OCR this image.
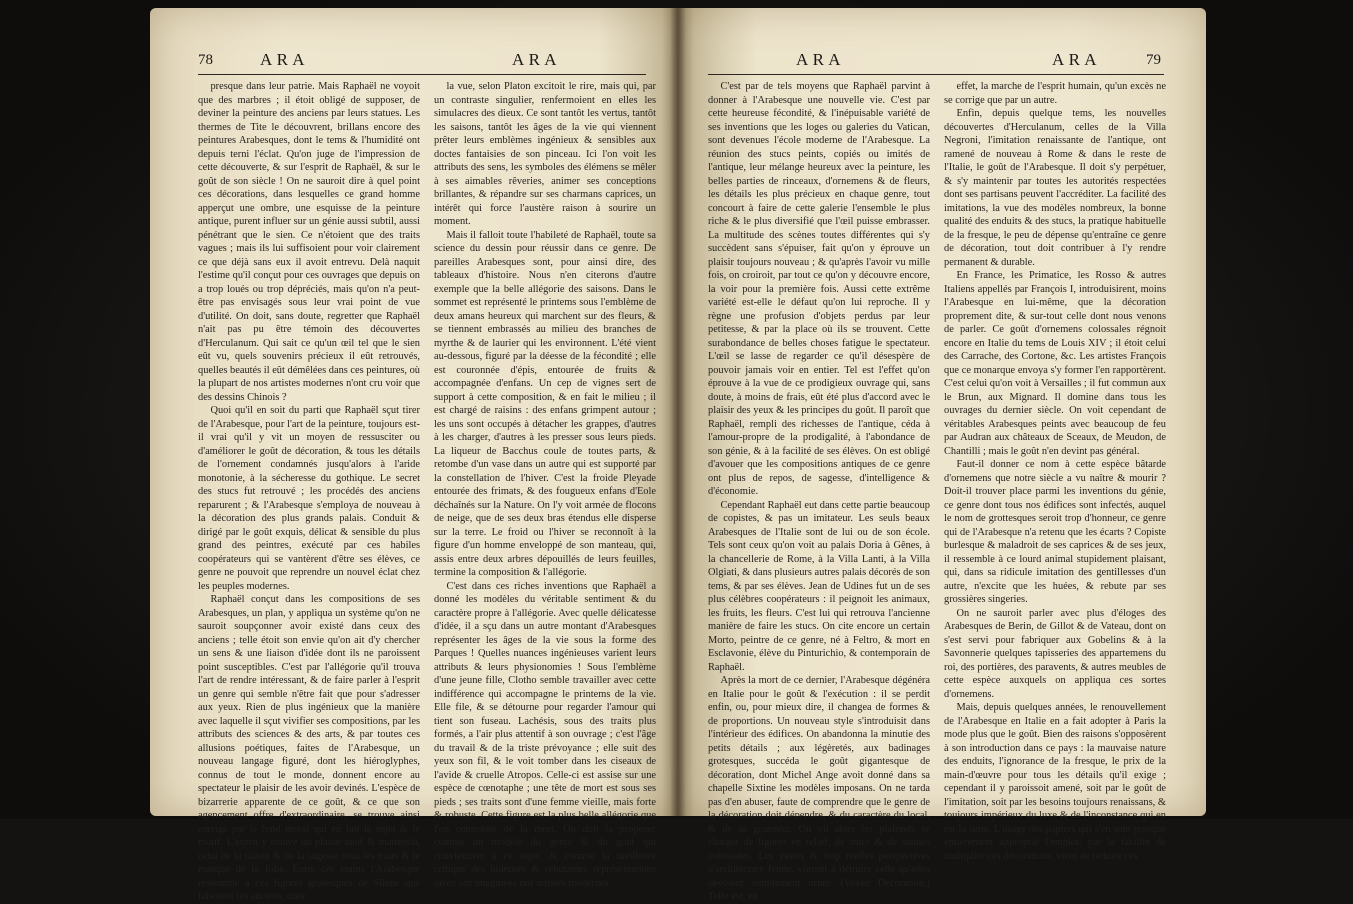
78	A R A	A R A

presque dans leur patrie. Mais Raphaël ne voyoit que des marbres ; il étoit obligé de supposer, de deviner la peinture des anciens par leurs statues. Les thermes de Tite le découvrent, brillans encore des peintures Arabesques, dont le tems & l'humidité ont depuis terni l'éclat. Qu'on juge de l'impression de cette découverte, & sur l'esprit de Raphaël, & sur le goût de son siècle ! On ne sauroit dire à quel point ces décorations, dans lesquelles ce grand homme apperçut une ombre, une esquisse de la peinture antique, purent influer sur un génie aussi subtil, aussi pénétrant que le sien. Ce n'étoient que des traits vagues ; mais ils lui suffisoient pour voir clairement ce que déjà sans eux il avoit entrevu. Delà naquit l'estime qu'il conçut pour ces ouvrages que depuis on a trop loués ou trop dépréciés, mais qu'on n'a peut-être pas envisagés sous leur vrai point de vue d'utilité. On doit, sans doute, regretter que Raphaël n'ait pas pu être témoin des découvertes d'Herculanum. Qui sait ce qu'un œil tel que le sien eût vu, quels souvenirs précieux il eût retrouvés, quelles beautés il eût démêlées dans ces peintures, où la plupart de nos artistes modernes n'ont cru voir que des dessins Chinois ?

Quoi qu'il en soit du parti que Raphaël sçut tirer de l'Arabesque, pour l'art de la peinture, toujours est-il vrai qu'il y vit un moyen de ressusciter ou d'améliorer le goût de décoration, & tous les détails de l'ornement condamnés jusqu'alors à l'aride monotonie, à la sécheresse du gothique. Le secret des stucs fut retrouvé ; les procédés des anciens reparurent ; & l'Arabesque s'employa de nouveau à la décoration des plus grands palais. Conduit & dirigé par le goût exquis, délicat & sensible du plus grand des peintres, exécuté par ces habiles coopérateurs qui se vantèrent d'être ses élèves, ce genre ne pouvoit que reprendre un nouvel éclat chez les peuples modernes.

Raphaël conçut dans les compositions de ses Arabesques, un plan, y appliqua un système qu'on ne sauroit soupçonner avoir existé dans ceux des anciens ; telle étoit son envie qu'on ait d'y chercher un sens & une liaison d'idée dont ils ne paroissent point susceptibles. C'est par l'allégorie qu'il trouva l'art de rendre intéressant, & de faire parler à l'esprit un genre qui semble n'être fait que pour s'adresser aux yeux. Rien de plus ingénieux que la manière avec laquelle il sçut vivifier ses compositions, par les attributs des sciences & des arts, & par toutes ces allusions poétiques, faites de l'Arabesque, un nouveau langage figuré, dont les hiéroglyphes, connus de tout le monde, donnent encore au spectateur le plaisir de les avoir devinés. L'espèce de bizarrerie apparente de ce goût, & ce que son agencement offre d'extraordinaire, se trouve ainsi corrigé par le fond moral qui en fait le sujet & le motif. L'esprit y trouve un plaisir neuf & inattendu, celui de la raison & de la sagesse sous les traits & le masque de la folie. Entre ces mains l'Arabesque ressemble à ces figures grotesques de Silène que faisoient les anciens, dont

la vue, selon Platon excitoit le rire, mais qui, par un contraste singulier, renfermoient en elles les simulacres des dieux. Ce sont tantôt les vertus, tantôt les saisons, tantôt les âges de la vie qui viennent prêter leurs emblèmes ingénieux & sensibles aux doctes fantaisies de son pinceau. Ici l'on voit les attributs des sens, les symboles des élémens se mêler à ses aimables rêveries, animer ses conceptions brillantes, & répandre sur ses charmans caprices, un intérêt qui force l'austère raison à sourire un moment.

Mais il falloit toute l'habileté de Raphaël, toute sa science du dessin pour réussir dans ce genre. De pareilles Arabesques sont, pour ainsi dire, des tableaux d'histoire. Nous n'en citerons d'autre exemple que la belle allégorie des saisons. Dans le sommet est représenté le printems sous l'emblème de deux amans heureux qui marchent sur des fleurs, & se tiennent embrassés au milieu des branches de myrthe & de laurier qui les environnent. L'été vient au-dessous, figuré par la déesse de la fécondité ; elle est couronnée d'épis, entourée de fruits & accompagnée d'enfans. Un cep de vignes sert de support à cette composition, & en fait le milieu ; il est chargé de raisins : des enfans grimpent autour ; les uns sont occupés à détacher les grappes, d'autres à les charger, d'autres à les presser sous leurs pieds. La liqueur de Bacchus coule de toutes parts, & retombe d'un vase dans un autre qui est supporté par la constellation de l'hiver. C'est la froide Pleyade entourée des frimats, & des fougueux enfans d'Eole déchaînés sur la Nature. On l'y voit armée de flocons de neige, que de ses deux bras étendus elle disperse sur la terre. Le froid ou l'hiver se reconnoît à la figure d'un homme enveloppé de son manteau, qui, assis entre deux arbres dépouillés de leurs feuilles, termine la composition & l'allégorie.

C'est dans ces riches inventions que Raphaël a donné les modèles du véritable sentiment & du caractère propre à l'allégorie. Avec quelle délicatesse d'idée, il a sçu dans un autre montant d'Arabesques représenter les âges de la vie sous la forme des Parques ! Quelles nuances ingénieuses varient leurs attributs & leurs physionomies ! Sous l'emblème d'une jeune fille, Clotho semble travailler avec cette indifférence qui accompagne le printems de la vie. Elle file, & se détourne pour regarder l'amour qui tient son fuseau. Lachésis, sous des traits plus formés, a l'air plus attentif à son ouvrage ; c'est l'âge du travail & de la triste prévoyance ; elle suit des yeux son fil, & le voit tomber dans les ciseaux de l'avide & cruelle Atropos. Celle-ci est assise sur une espèce de cœnotaphe ; une tête de mort est sous ses pieds ; ses traits sont d'une femme vieille, mais forte & robuste. Cette figure est la plus belle allégorie que l'on connoisse de la mort. On doit la proposer comme un modèle du genre & du goût qui conviennent à ce sujet, & comme la meilleure critique des hideuses & rebutantes représentations qu'en ont imaginées nos artistes modernes.

A R A	A R A	79

C'est par de tels moyens que Raphaël parvint à donner à l'Arabesque une nouvelle vie. C'est par cette heureuse fécondité, & l'inépuisable variété de ses inventions que les loges ou galeries du Vatican, sont devenues l'école moderne de l'Arabesque. La réunion des stucs peints, copiés ou imités de l'antique, leur mélange heureux avec la peinture, les belles parties de rinceaux, d'ornemens & de fleurs, les détails les plus précieux en chaque genre, tout concourt à faire de cette galerie l'ensemble le plus riche & le plus diversifié que l'œil puisse embrasser. La multitude des scènes toutes différentes qui s'y succèdent sans s'épuiser, fait qu'on y éprouve un plaisir toujours nouveau ; & qu'après l'avoir vu mille fois, on croiroit, par tout ce qu'on y découvre encore, la voir pour la première fois. Aussi cette extrême variété est-elle le défaut qu'on lui reproche. Il y règne une profusion d'objets perdus par leur petitesse, & par la place où ils se trouvent. Cette surabondance de belles choses fatigue le spectateur. L'œil se lasse de regarder ce qu'il désespère de pouvoir jamais voir en entier. Tel est l'effet qu'on éprouve à la vue de ce prodigieux ouvrage qui, sans doute, à moins de frais, eût été plus d'accord avec le plaisir des yeux & les principes du goût. Il paroît que Raphaël, rempli des richesses de l'antique, céda à l'amour-propre de la prodigalité, à l'abondance de son génie, & à la facilité de ses élèves. On est obligé d'avouer que les compositions antiques de ce genre ont plus de repos, de sagesse, d'intelligence & d'économie.

Cependant Raphaël eut dans cette partie beaucoup de copistes, & pas un imitateur. Les seuls beaux Arabesques de l'Italie sont de lui ou de son école. Tels sont ceux qu'on voit au palais Doria à Gênes, à la chancellerie de Rome, à la Villa Lanti, à la Villa Olgiati, & dans plusieurs autres palais décorés de son tems, & par ses élèves. Jean de Udines fut un de ses plus célèbres coopérateurs : il peignoit les animaux, les fruits, les fleurs. C'est lui qui retrouva l'ancienne manière de faire les stucs. On cite encore un certain Morto, peintre de ce genre, né à Feltro, & mort en Esclavonie, élève du Pinturichio, & contemporain de Raphaël.

Après la mort de ce dernier, l'Arabesque dégénéra en Italie pour le goût & l'exécution : il se perdit enfin, ou, pour mieux dire, il changea de formes & de proportions. Un nouveau style s'introduisit dans l'intérieur des édifices. On abandonna la minutie des petits détails ; aux légèretés, aux badinages grotesques, succéda le goût gigantesque de décoration, dont Michel Ange avoit donné dans sa chapelle Sixtine les modèles imposans. On ne tarda pas d'en abuser, faute de comprendre que le genre de la décoration doit dépendre, & du caractère du local, & de sa grandeur. On vit alors les plafonds se charger de figures en relief, de stucs & de statues colossales. Les vastes & trop réelles perspectives d'architecture feinte, vinrent à détruire celle qu'elles devoient simplement orner. (Voyez Décoration.) Telle est, en

effet, la marche de l'esprit humain, qu'un excès ne se corrige que par un autre.

Enfin, depuis quelque tems, les nouvelles découvertes d'Herculanum, celles de la Villa Negroni, l'imitation renaissante de l'antique, ont ramené de nouveau à Rome & dans le reste de l'Italie, le goût de l'Arabesque. Il doit s'y perpétuer, & s'y maintenir par toutes les autorités respectées dont ses partisans peuvent l'accréditer. La facilité des imitations, la vue des modèles nombreux, la bonne qualité des enduits & des stucs, la pratique habituelle de la fresque, le peu de dépense qu'entraîne ce genre de décoration, tout doit contribuer à l'y rendre permanent & durable.

En France, les Primatice, les Rosso & autres Italiens appellés par François I, introduisirent, moins l'Arabesque en lui-même, que la décoration proprement dite, & sur-tout celle dont nous venons de parler. Ce goût d'ornemens colossales régnoit encore en Italie du tems de Louis XIV ; il étoit celui des Carrache, des Cortone, &c. Les artistes François que ce monarque envoya s'y former l'en rapportèrent. C'est celui qu'on voit à Versailles ; il fut commun aux le Brun, aux Mignard. Il domine dans tous les ouvrages du dernier siècle. On voit cependant de véritables Arabesques peints avec beaucoup de feu par Audran aux châteaux de Sceaux, de Meudon, de Chantilli ; mais le goût n'en devint pas général.

Faut-il donner ce nom à cette espèce bâtarde d'ornemens que notre siècle a vu naître & mourir ? Doit-il trouver place parmi les inventions du génie, ce genre dont tous nos édifices sont infectés, auquel le nom de grottesques seroit trop d'honneur, ce genre qui de l'Arabesque n'a retenu que les écarts ? Copiste burlesque & maladroit de ses caprices & de ses jeux, il ressemble à ce lourd animal stupidement plaisant, qui, dans sa ridicule imitation des gentillesses d'un autre, n'excite que les huées, & rebute par ses grossières singeries.

On ne sauroit parler avec plus d'éloges des Arabesques de Berin, de Gillot & de Vateau, dont on s'est servi pour fabriquer aux Gobelins & à la Savonnerie quelques tapisseries des appartemens du roi, des portières, des paravents, & autres meubles de cette espèce auxquels on appliqua ces sortes d'ornemens.

Mais, depuis quelques années, le renouvellement de l'Arabesque en Italie en a fait adopter à Paris la mode plus que le goût. Bien des raisons s'opposèrent à son introduction dans ce pays : la mauvaise nature des enduits, l'ignorance de la fresque, le prix de la main-d'œuvre pour tous les détails qu'il exige ; cependant il y paroissoit amené, soit par le goût de l'imitation, soit par les besoins toujours renaissans, & toujours impérieux du luxe & de l'inconstance qui en est la suite. L'usage des papiers qui s'en sont presque entièrement approprié l'emploi, par la facilité de multiplier ces décorations, vient de réduire ces
